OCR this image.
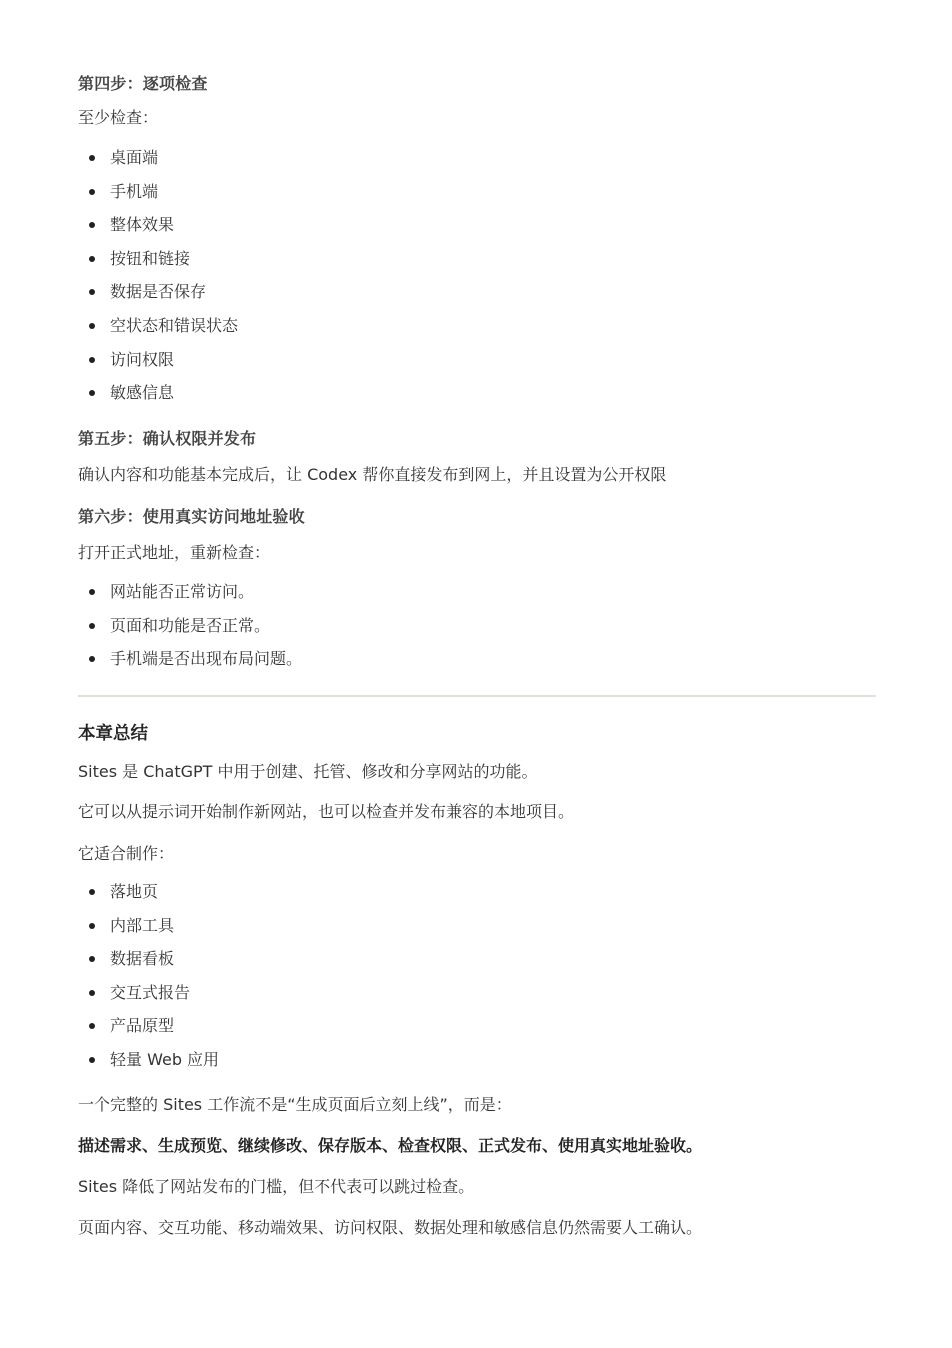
第四步：逐项检查

至少检查：

桌面端
手机端
整体效果
按钮和链接
数据是否保存
空状态和错误状态
访问权限
敏感信息
第五步：确认权限并发布

确认内容和功能基本完成后，让 Codex 帮你直接发布到网上，并且设置为公开权限

第六步：使用真实访问地址验收

打开正式地址，重新检查：

网站能否正常访问。
页面和功能是否正常。
手机端是否出现布局问题。
本章总结

Sites 是 ChatGPT 中用于创建、托管、修改和分享网站的功能。

它可以从提示词开始制作新网站，也可以检查并发布兼容的本地项目。

它适合制作：

落地页
内部工具
数据看板
交互式报告
产品原型
轻量 Web 应用

一个完整的 Sites 工作流不是“生成页面后立刻上线”，而是：

描述需求、生成预览、继续修改、保存版本、检查权限、正式发布、使用真实地址验收。

Sites 降低了网站发布的门槛，但不代表可以跳过检查。

页面内容、交互功能、移动端效果、访问权限、数据处理和敏感信息仍然需要人工确认。
